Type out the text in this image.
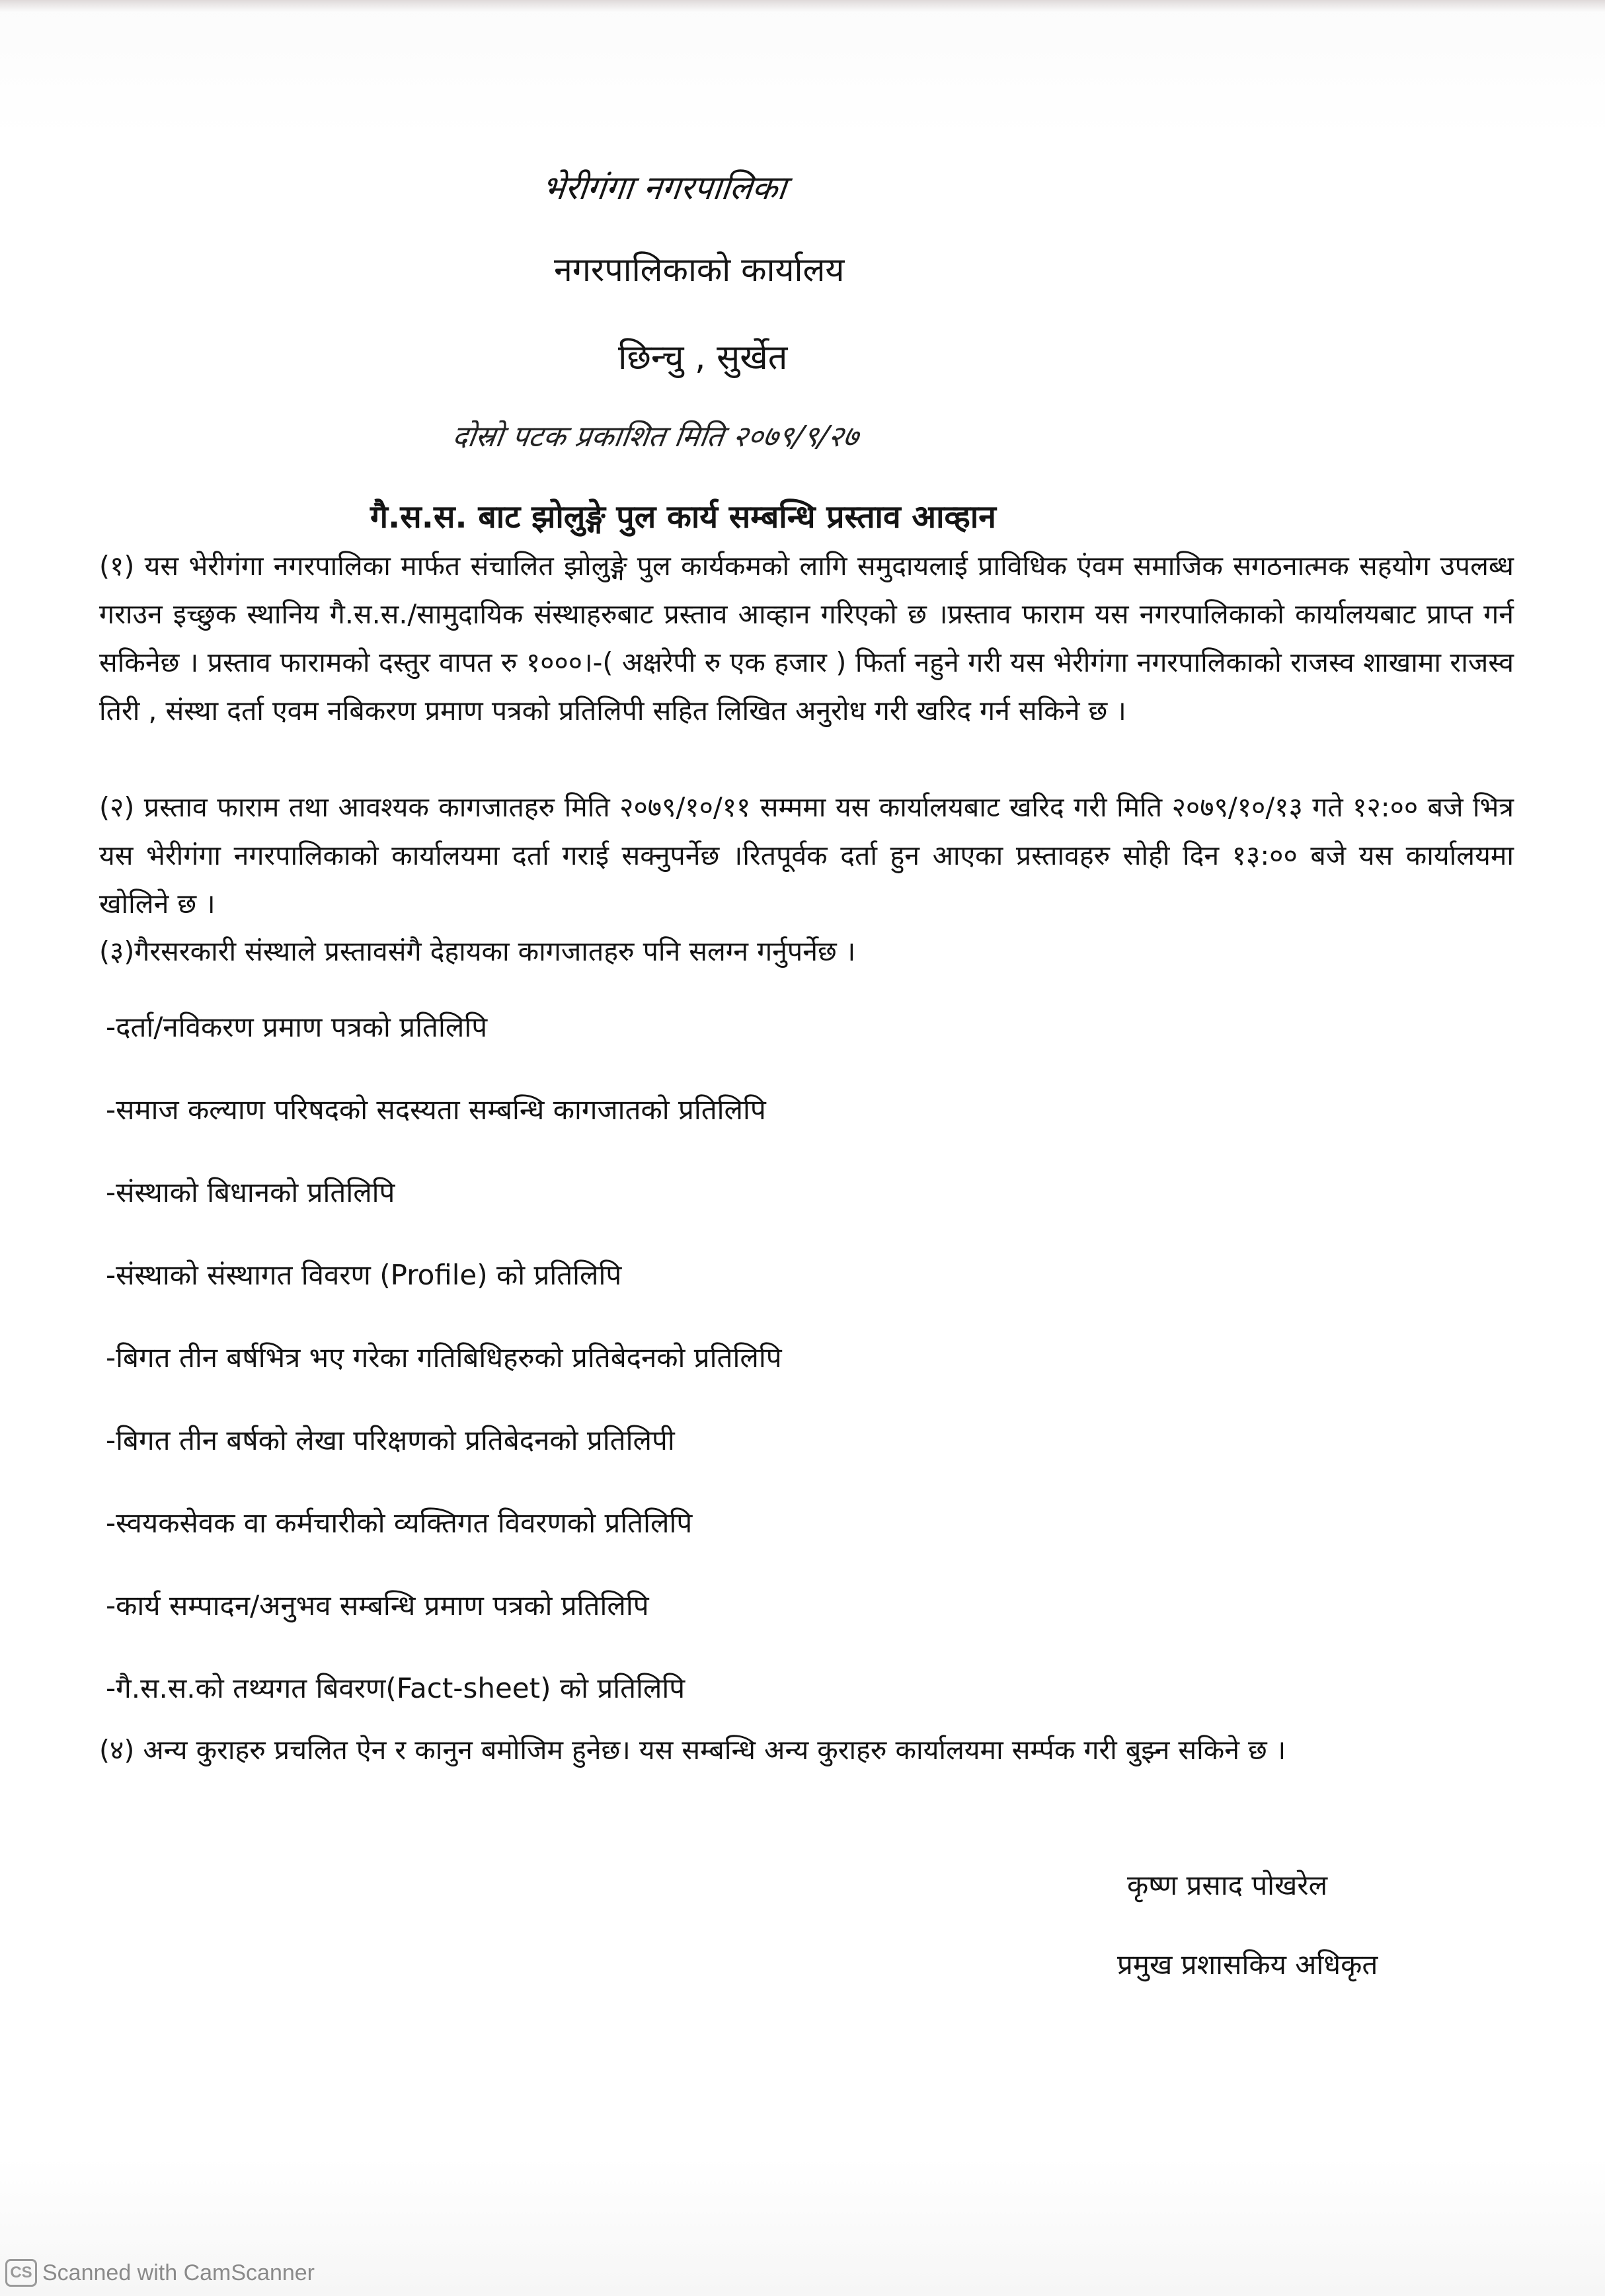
भेरीगंगा नगरपालिका
नगरपालिकाको कार्यालय
छिन्चु , सुर्खेत
दोस्रो पटक प्रकाशित मिति २०७९/९/२७
गै.स.स. बाट झोलुङ्गे पुल कार्य सम्बन्धि प्रस्ताव आव्हान
(१) यस भेरीगंगा नगरपालिका मार्फत संचालित झोलुङ्गे पुल कार्यकमको लागि समुदायलाई प्राविधिक एंवम समाजिक सगठनात्मक सहयोग उपलब्ध गराउन इच्छुक स्थानिय गै.स.स./सामुदायिक संस्थाहरुबाट प्रस्ताव आव्हान गरिएको छ ।प्रस्ताव फाराम यस नगरपालिकाको कार्यालयबाट प्राप्त गर्न सकिनेछ । प्रस्ताव फारामको दस्तुर वापत रु १०००।-( अक्षरेपी रु एक हजार ) फिर्ता नहुने गरी यस भेरीगंगा नगरपालिकाको राजस्व शाखामा राजस्व तिरी , संस्था दर्ता एवम नबिकरण प्रमाण पत्रको प्रतिलिपी सहित लिखित अनुरोध गरी खरिद गर्न सकिने छ ।
(२) प्रस्ताव फाराम तथा आवश्यक कागजातहरु मिति २०७९/१०/११ सम्ममा यस कार्यालयबाट खरिद गरी मिति २०७९/१०/१३ गते १२:०० बजे भित्र यस भेरीगंगा नगरपालिकाको कार्यालयमा दर्ता गराई सक्नुपर्नेछ ।रितपूर्वक दर्ता हुन आएका प्रस्तावहरु सोही दिन १३:०० बजे यस कार्यालयमा खोलिने छ ।
(३)गैरसरकारी संस्थाले प्रस्तावसंगै देहायका कागजातहरु पनि सलग्न गर्नुपर्नेछ ।
-दर्ता/नविकरण प्रमाण पत्रको प्रतिलिपि
-समाज कल्याण परिषदको सदस्यता सम्बन्धि कागजातको प्रतिलिपि
-संस्थाको बिधानको प्रतिलिपि
-संस्थाको संस्थागत विवरण (Profile) को प्रतिलिपि
-बिगत तीन बर्षभित्र भए गरेका गतिबिधिहरुको प्रतिबेदनको प्रतिलिपि
-बिगत तीन बर्षको लेखा परिक्षणको प्रतिबेदनको प्रतिलिपी
-स्वयकसेवक वा कर्मचारीको व्यक्तिगत विवरणको प्रतिलिपि
-कार्य सम्पादन/अनुभव सम्बन्धि प्रमाण पत्रको प्रतिलिपि
-गै.स.स.को तथ्यगत बिवरण(Fact-sheet) को प्रतिलिपि
(४) अन्य कुराहरु प्रचलित ऐन र कानुन बमोजिम हुनेछ। यस सम्बन्धि अन्य कुराहरु कार्यालयमा सर्म्पक गरी बुझ्न सकिने छ ।
कृष्ण प्रसाद पोखरेल
प्रमुख प्रशासकिय अधिकृत
CS Scanned with CamScanner
